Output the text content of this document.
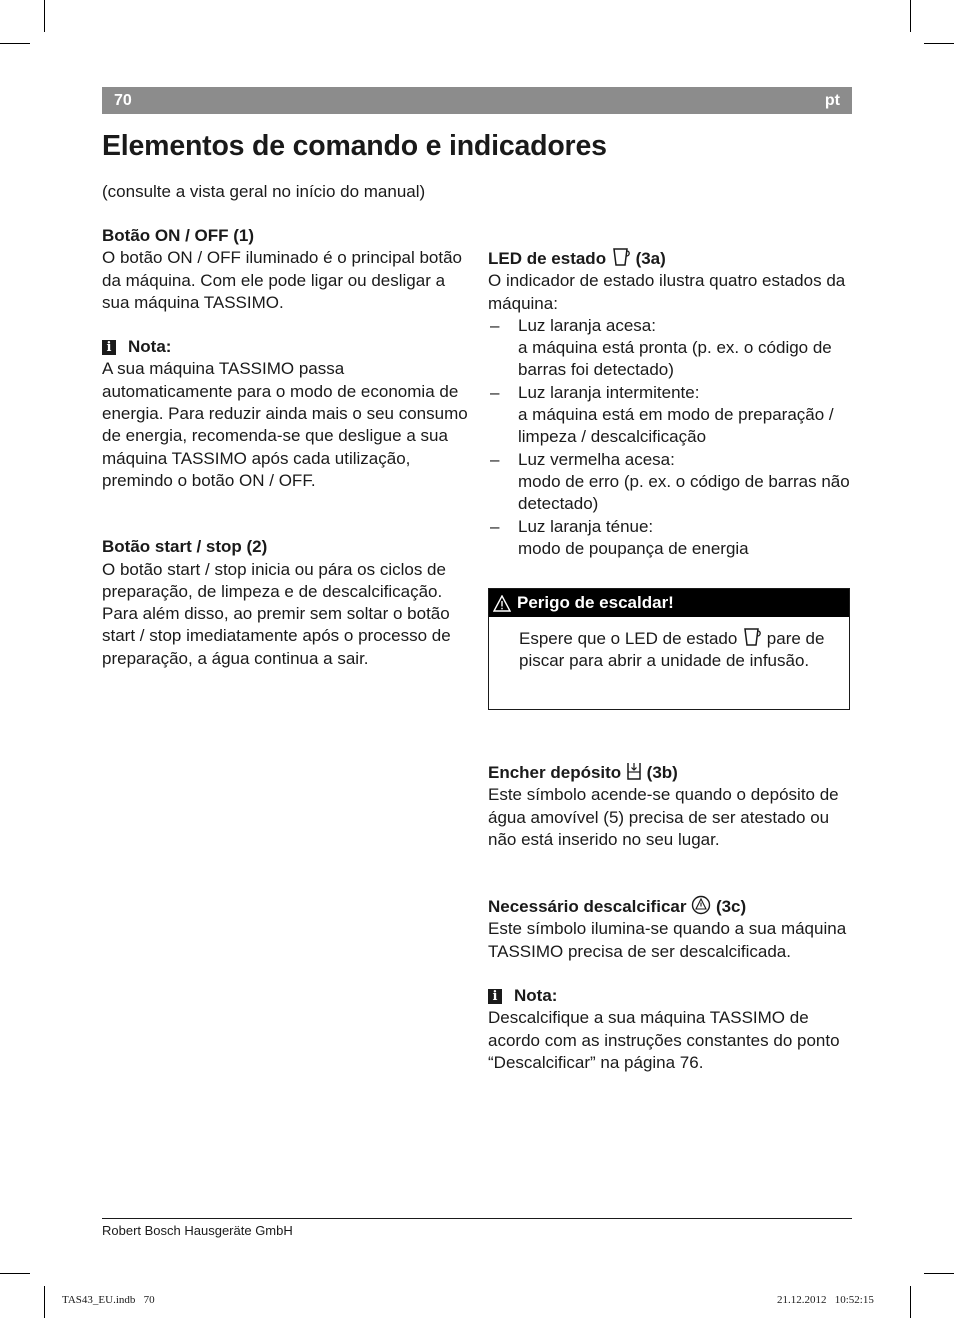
70	pt
Elementos de comando e indicadores
(consulte a vista geral no início do manual)
Botão ON / OFF (1)
O botão ON / OFF iluminado é o principal botão da máquina. Com ele pode ligar ou desligar a sua máquina TASSIMO.
i Nota:
A sua máquina TASSIMO passa automaticamente para o modo de economia de energia. Para reduzir ainda mais o seu consumo de energia, recomenda-se que desligue a sua máquina TASSIMO após cada utilização, premindo o botão ON / OFF.
Botão start / stop (2)
O botão start / stop inicia ou pára os ciclos de preparação, de limpeza e de descalcificação.
Para além disso, ao premir sem soltar o botão start / stop imediatamente após o processo de preparação, a água continua a sair.
LED de estado (3a)
O indicador de estado ilustra quatro estados da máquina:
– Luz laranja acesa:
a máquina está pronta (p. ex. o código de barras foi detectado)
– Luz laranja intermitente:
a máquina está em modo de preparação / limpeza / descalcificação
– Luz vermelha acesa:
modo de erro (p. ex. o código de barras não detectado)
– Luz laranja ténue:
modo de poupança de energia
Perigo de escaldar!
Espere que o LED de estado pare de piscar para abrir a unidade de infusão.
Encher depósito (3b)
Este símbolo acende-se quando o depósito de água amovível (5) precisa de ser atestado ou não está inserido no seu lugar.
Necessário descalcificar (3c)
Este símbolo ilumina-se quando a sua máquina TASSIMO precisa de ser descalcificada.
i Nota:
Descalcifique a sua máquina TASSIMO de acordo com as instruções constantes do ponto “Descalcificar” na página 76.
Robert Bosch Hausgeräte GmbH
TAS43_EU.indb   70	21.12.2012   10:52:15
